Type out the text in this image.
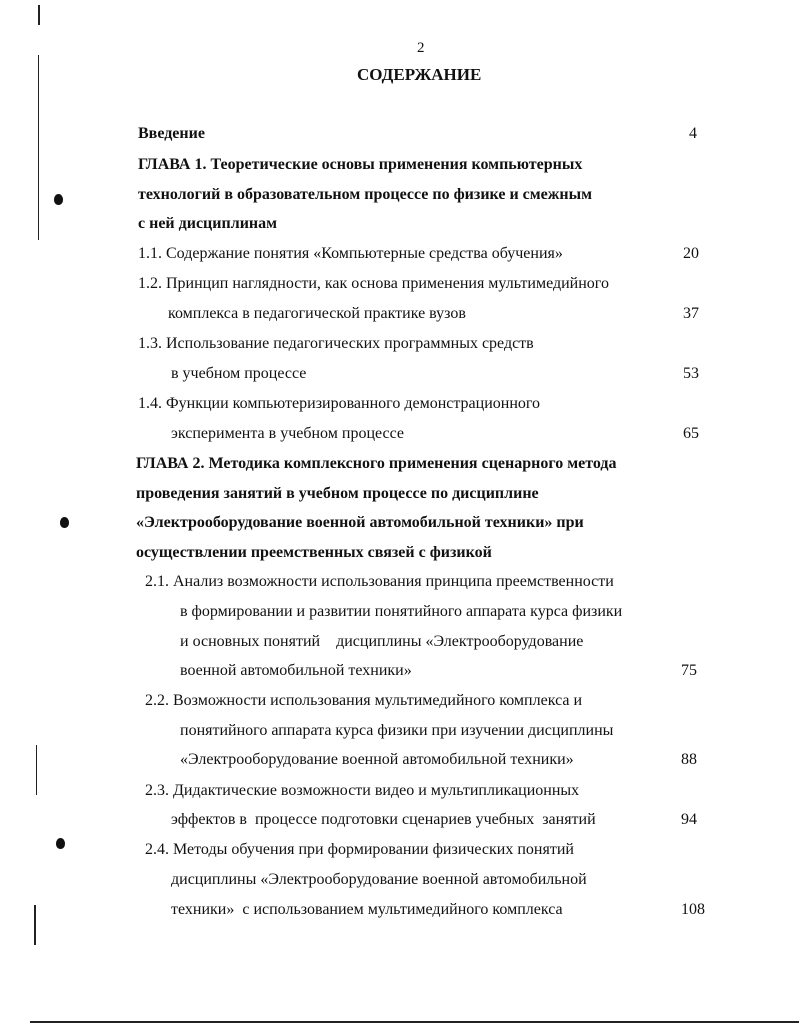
2
СОДЕРЖАНИЕ
Введение	4
ГЛАВА 1. Теоретические основы применения компьютерных
технологий в образовательном процессе по физике и смежным
с ней дисциплинам
1.1. Содержание понятия «Компьютерные средства обучения»	20
1.2. Принцип наглядности, как основа применения мультимедийного
комплекса в педагогической практике вузов	37
1.3. Использование педагогических программных средств
в учебном процессе	53
1.4. Функции компьютеризированного демонстрационного
эксперимента в учебном процессе	65
ГЛАВА 2. Методика комплексного применения сценарного метода
проведения занятий в учебном процессе по дисциплине
«Электрооборудование военной автомобильной техники» при
осуществлении преемственных связей с физикой
2.1. Анализ возможности использования принципа преемственности
в формировании и развитии понятийного аппарата курса физики
и основных понятий    дисциплины «Электрооборудование
военной автомобильной техники»	75
2.2. Возможности использования мультимедийного комплекса и
понятийного аппарата курса физики при изучении дисциплины
«Электрооборудование военной автомобильной техники»	88
2.3. Дидактические возможности видео и мультипликационных
эффектов в  процессе подготовки сценариев учебных  занятий	94
2.4. Методы обучения при формировании физических понятий
дисциплины «Электрооборудование военной автомобильной
техники»  с использованием мультимедийного комплекса	108
